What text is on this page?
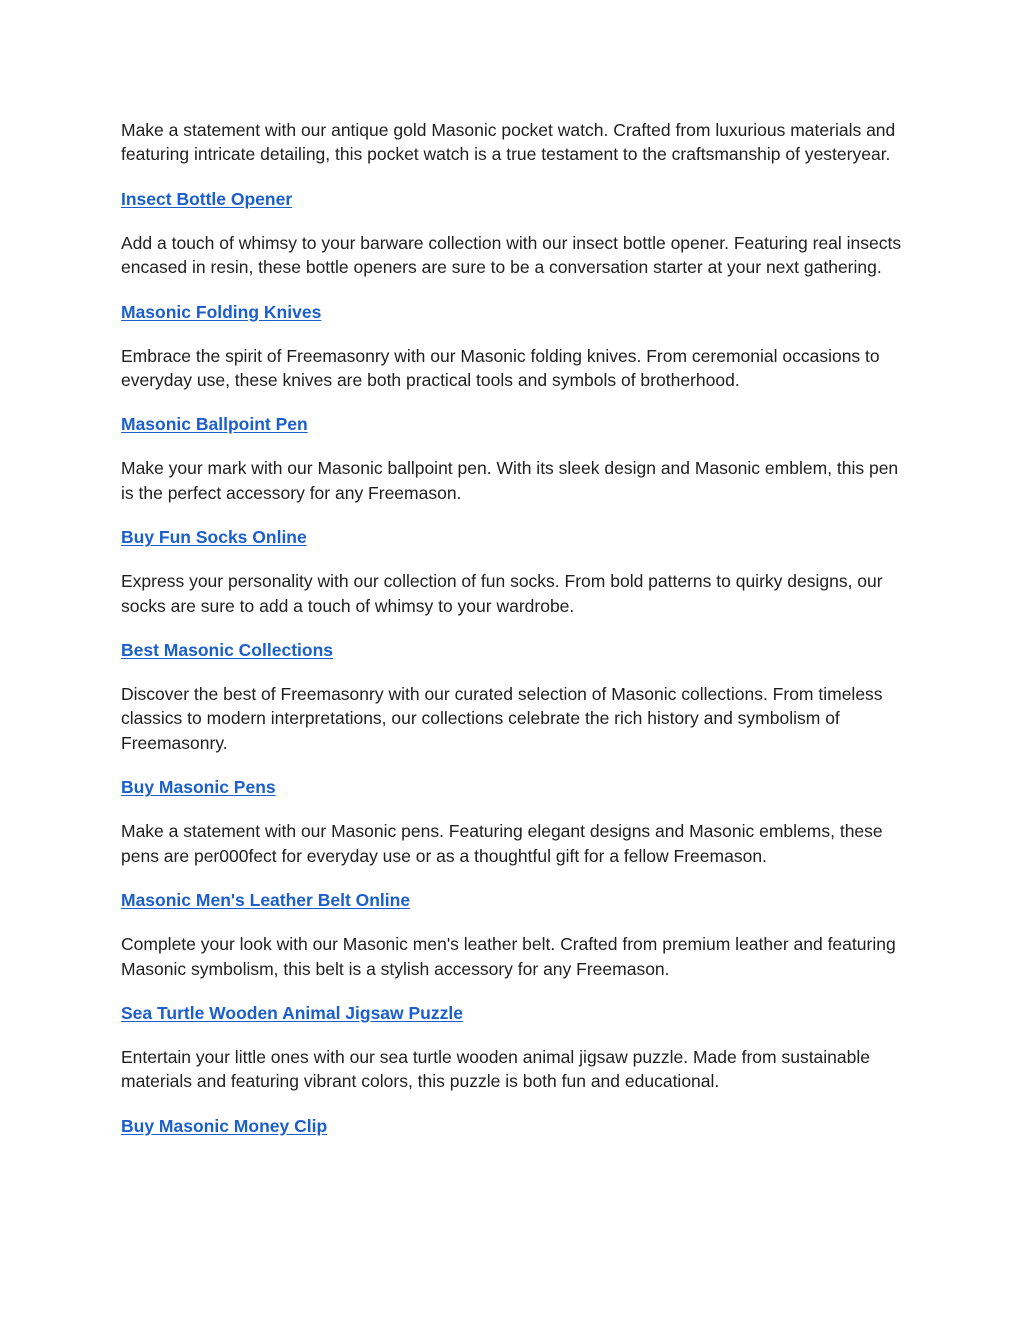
Make a statement with our antique gold Masonic pocket watch. Crafted from luxurious materials and featuring intricate detailing, this pocket watch is a true testament to the craftsmanship of yesteryear.

Insect Bottle Opener

Add a touch of whimsy to your barware collection with our insect bottle opener. Featuring real insects encased in resin, these bottle openers are sure to be a conversation starter at your next gathering.

Masonic Folding Knives

Embrace the spirit of Freemasonry with our Masonic folding knives. From ceremonial occasions to everyday use, these knives are both practical tools and symbols of brotherhood.

Masonic Ballpoint Pen

Make your mark with our Masonic ballpoint pen. With its sleek design and Masonic emblem, this pen is the perfect accessory for any Freemason.

Buy Fun Socks Online

Express your personality with our collection of fun socks. From bold patterns to quirky designs, our socks are sure to add a touch of whimsy to your wardrobe.

Best Masonic Collections

Discover the best of Freemasonry with our curated selection of Masonic collections. From timeless classics to modern interpretations, our collections celebrate the rich history and symbolism of Freemasonry.

Buy Masonic Pens

Make a statement with our Masonic pens. Featuring elegant designs and Masonic emblems, these pens are per000fect for everyday use or as a thoughtful gift for a fellow Freemason.

Masonic Men's Leather Belt Online

Complete your look with our Masonic men's leather belt. Crafted from premium leather and featuring Masonic symbolism, this belt is a stylish accessory for any Freemason.

Sea Turtle Wooden Animal Jigsaw Puzzle

Entertain your little ones with our sea turtle wooden animal jigsaw puzzle. Made from sustainable materials and featuring vibrant colors, this puzzle is both fun and educational.

Buy Masonic Money Clip
